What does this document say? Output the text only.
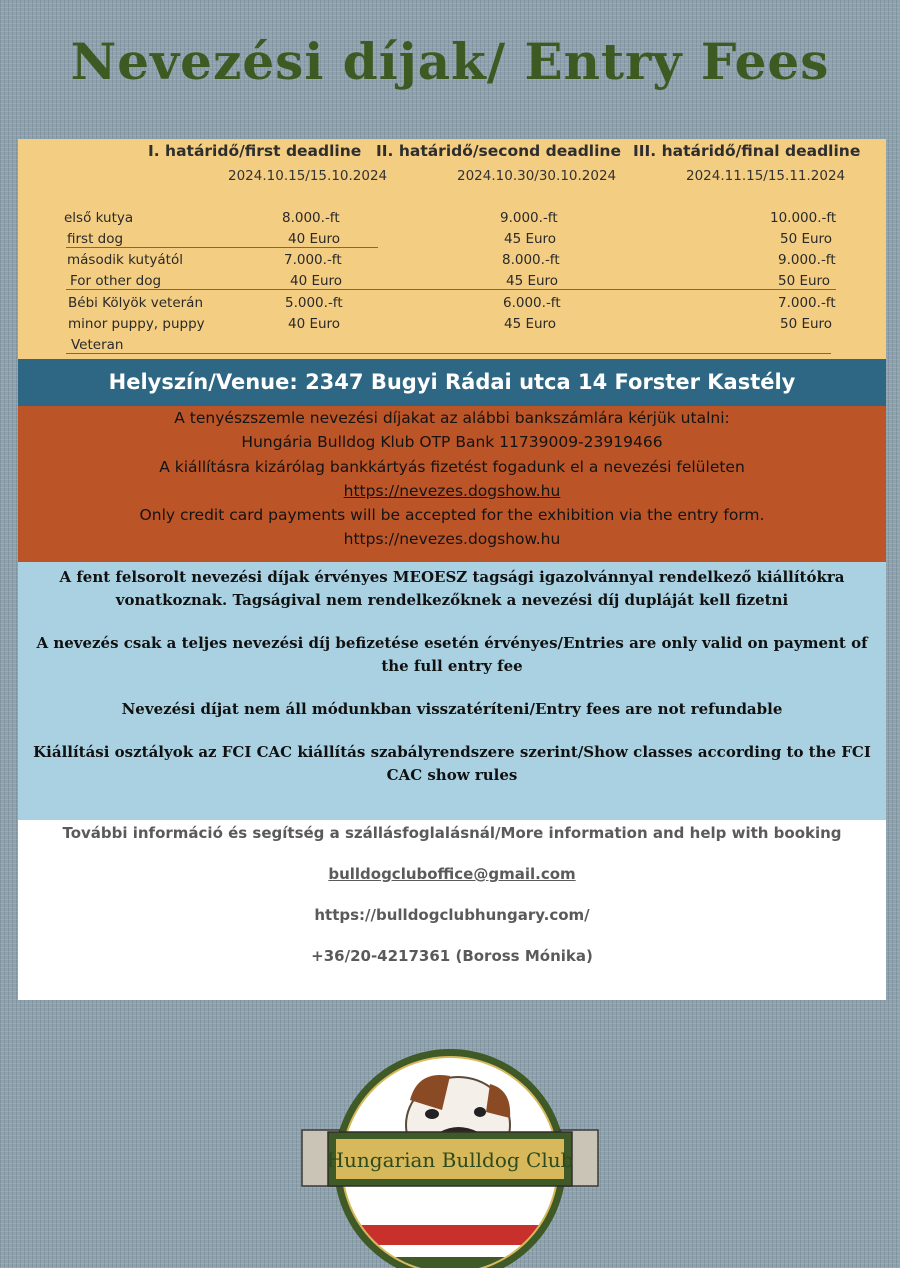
Nevezési díjak/ Entry Fees
I. határidő/first deadline II. határidő/second deadline III. határidő/final deadline
2024.10.15/15.10.2024	2024.10.30/30.10.2024	2024.11.15/15.11.2024
első kutya	8.000.-ft	9.000.-ft	10.000.-ft
first dog	40 Euro	45 Euro	50 Euro
második kutyától	7.000.-ft	8.000.-ft	9.000.-ft
For other dog	40 Euro	45 Euro	50 Euro
Bébi Kölyök veterán	5.000.-ft	6.000.-ft	7.000.-ft
minor puppy, puppy	40 Euro	45 Euro	50 Euro
Veteran
Helyszín/Venue: 2347 Bugyi Rádai utca 14 Forster Kastély
A tenyészszemle nevezési díjakat az alábbi bankszámlára kérjük utalni:
Hungária Bulldog Klub OTP Bank 11739009-23919466
A kiállításra kizárólag bankkártyás fizetést fogadunk el a nevezési felületen
https://nevezes.dogshow.hu
Only credit card payments will be accepted for the exhibition via the entry form.
https://nevezes.dogshow.hu

A fent felsorolt nevezési díjak érvényes MEOESZ tagsági igazolvánnyal rendelkező kiállítókra vonatkoznak. Tagságival nem rendelkezőknek a nevezési díj dupláját kell fizetni

A nevezés csak a teljes nevezési díj befizetése esetén érvényes/Entries are only valid on payment of the full entry fee

Nevezési díjat nem áll módunkban visszatéríteni/Entry fees are not refundable

Kiállítási osztályok az FCI CAC kiállítás szabályrendszere szerint/Show classes according to the FCI CAC show rules

További információ és segítség a szállásfoglalásnál/More information and help with booking
bulldogcluboffice@gmail.com
https://bulldogclubhungary.com/
+36/20-4217361 (Boross Mónika)
Hungarian Bulldog Club
